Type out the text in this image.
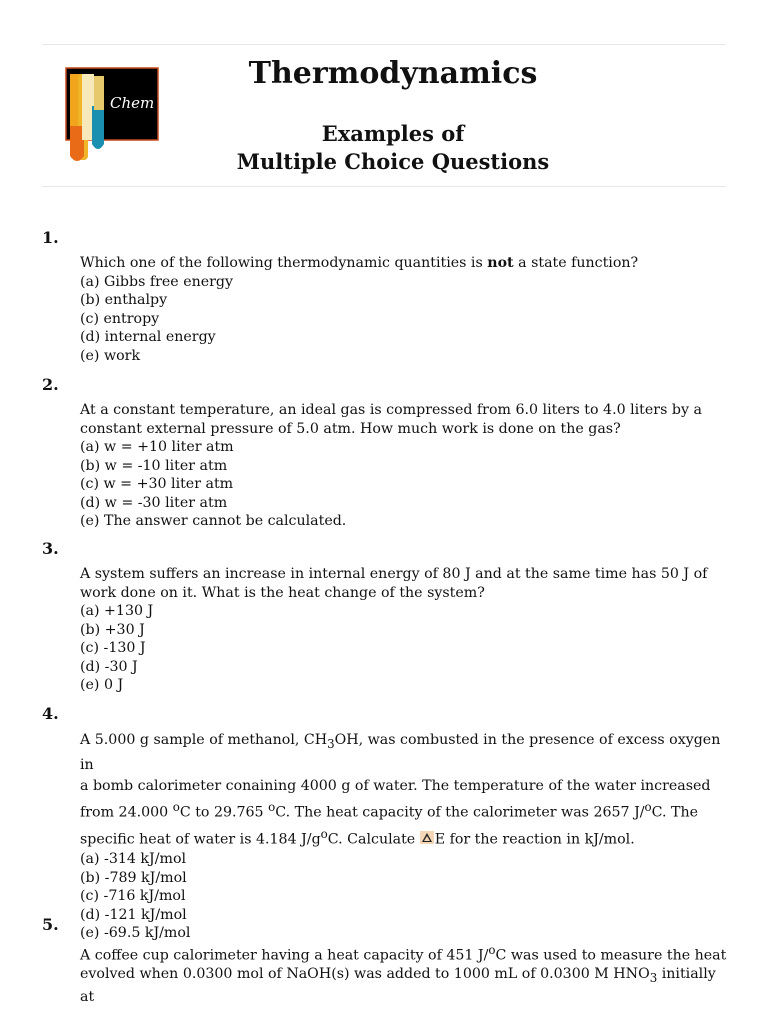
Chem
Thermodynamics
Examples of
Multiple Choice Questions
1.
Which one of the following thermodynamic quantities is not a state function?
(a) Gibbs free energy
(b) enthalpy
(c) entropy
(d) internal energy
(e) work
2.
At a constant temperature, an ideal gas is compressed from 6.0 liters to 4.0 liters by a
constant external pressure of 5.0 atm. How much work is done on the gas?
(a) w = +10 liter atm
(b) w = -10 liter atm
(c) w = +30 liter atm
(d) w = -30 liter atm
(e) The answer cannot be calculated.
3.
A system suffers an increase in internal energy of 80 J and at the same time has 50 J of
work done on it. What is the heat change of the system?
(a) +130 J
(b) +30 J
(c) -130 J
(d) -30 J
(e) 0 J
4.
A 5.000 g sample of methanol, $CH_3OH$, was combusted in the presence of excess oxygen in
a bomb calorimeter conaining 4000 g of water. The temperature of the water increased
from 24.000 $^o$C to 29.765 $^o$C. The heat capacity of the calorimeter was 2657 J/$^o$C. The
specific heat of water is 4.184 $J/g^oC$. Calculate E for the reaction in kJ/mol.
(a) -314 kJ/mol
(b) -789 kJ/mol
(c) -716 kJ/mol
(d) -121 kJ/mol
(e) -69.5 kJ/mol
5.
A coffee cup calorimeter having a heat capacity of 451 J/$^o$C was used to measure the heat
evolved when 0.0300 mol of NaOH(s) was added to 1000 mL of 0.0300 M $HNO_3$ initially at
